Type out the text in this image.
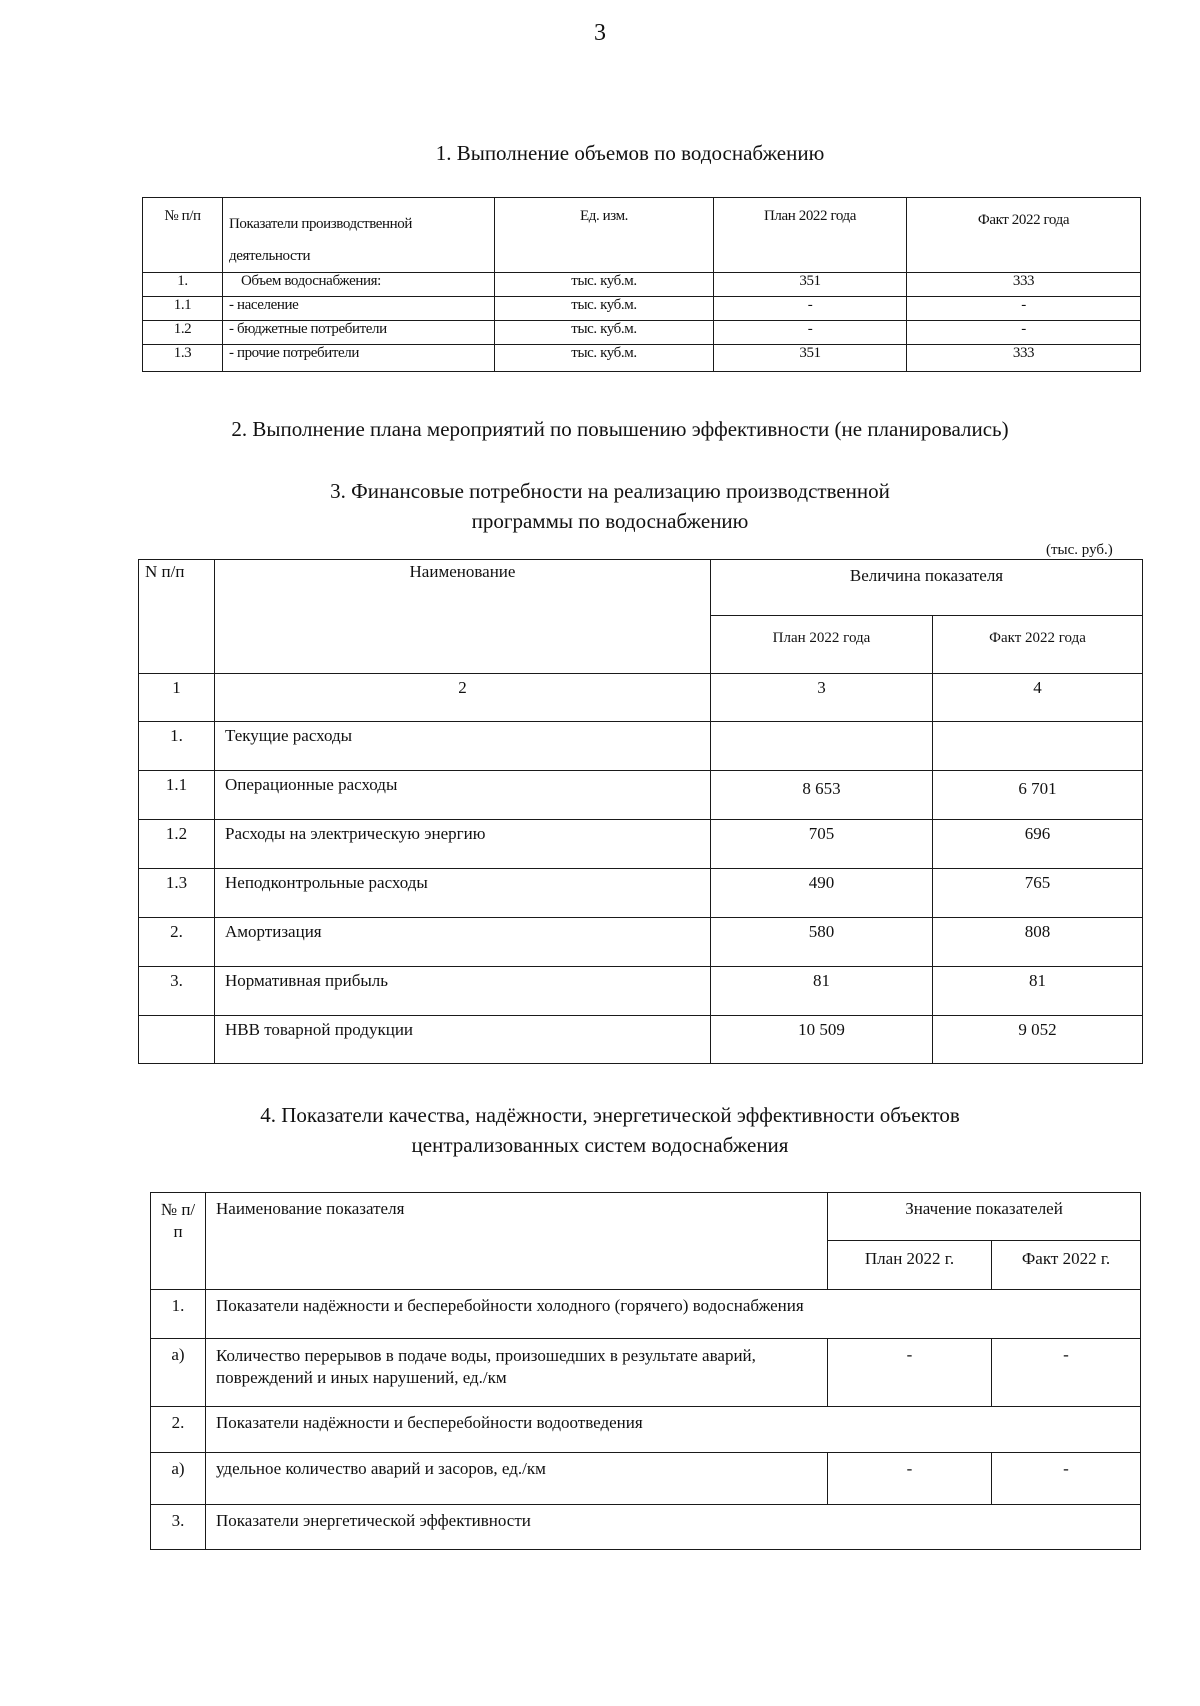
3
1. Выполнение объемов по водоснабжению
№ п/п	Показатели производственной деятельности	Ед. изм.	План 2022 года	Факт 2022 года
1.	Объем водоснабжения:	тыс. куб.м.	351	333
1.1	- население	тыс. куб.м.	-	-
1.2	- бюджетные потребители	тыс. куб.м.	-	-
1.3	- прочие потребители	тыс. куб.м.	351	333
2. Выполнение плана мероприятий по повышению эффективности (не планировались)
3. Финансовые потребности на реализацию производственной
программы по водоснабжению
(тыс. руб.)
N п/п	Наименование	Величина показателя	
		План 2022 года	Факт 2022 года
1	2	3	4
1.	Текущие расходы		
1.1	Операционные расходы	8 653	6 701
1.2	Расходы на электрическую энергию	705	696
1.3	Неподконтрольные расходы	490	765
2.	Амортизация	580	808
3.	Нормативная прибыль	81	81
	НВВ товарной продукции	10 509	9 052
4. Показатели качества, надёжности, энергетической эффективности объектов
централизованных систем водоснабжения
№ п/п	Наименование показателя	Значение показателей	
		План 2022 г.	Факт 2022 г.
1.	Показатели надёжности и бесперебойности холодного (горячего) водоснабжения		
а)	Количество перерывов в подаче воды, произошедших в результате аварий, повреждений и иных нарушений, ед./км	-	-
2.	Показатели надёжности и бесперебойности водоотведения		
а)	удельное количество аварий и засоров, ед./км	-	-
3.	Показатели энергетической эффективности		
